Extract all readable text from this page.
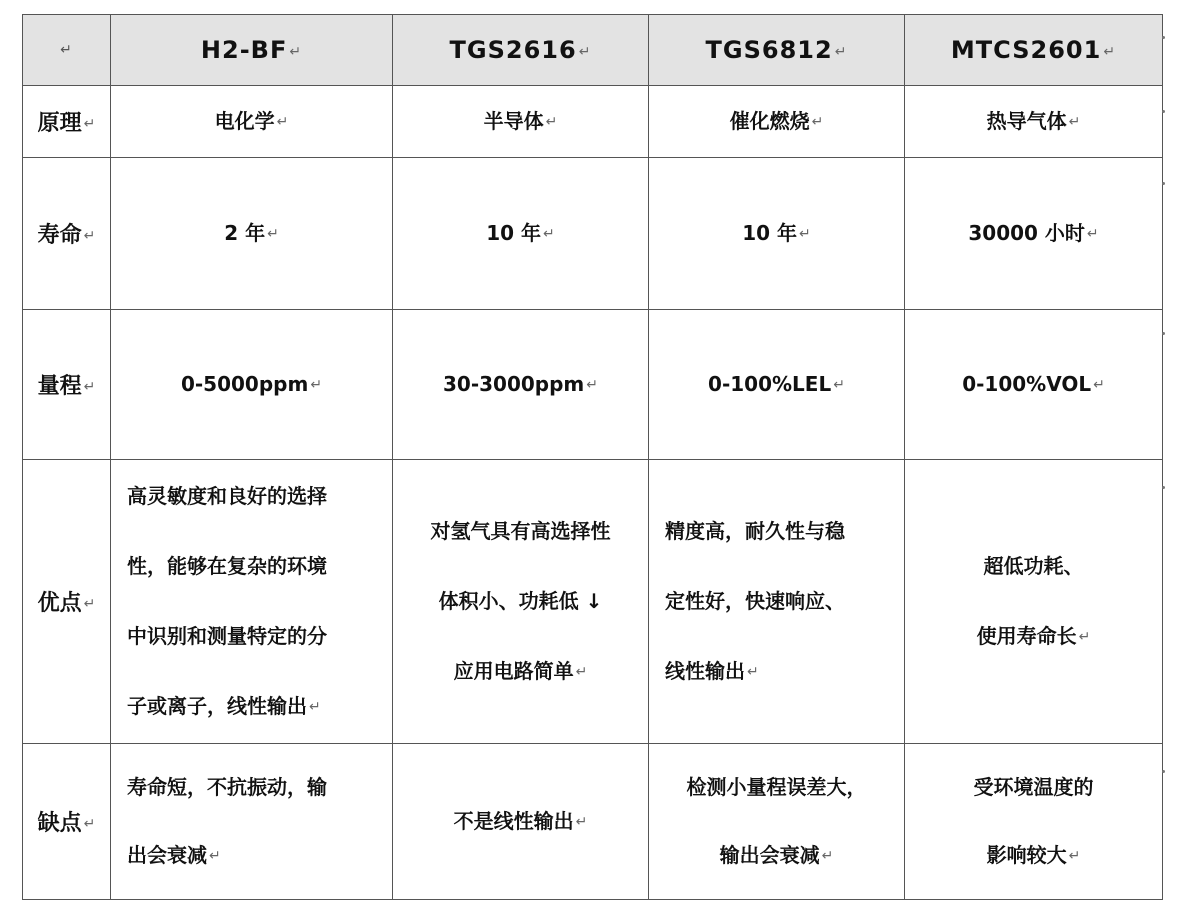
↵	H2-BF ↵	TGS2616 ↵	TGS6812 ↵	MTCS2601 ↵
原理 ↵	电化学 ↵	半导体 ↵	催化燃烧 ↵	热导气体 ↵

寿命 ↵	2 年 ↵	10 年 ↵	10 年 ↵	30000 小时 ↵

量程 ↵	0-5000ppm ↵	30-3000ppm ↵	0-100%LEL ↵	0-100%VOL ↵

优点 ↵	高灵敏度和良好的选择
性，能够在复杂的环境
中识别和测量特定的分
子或离子，线性输出 ↵	对氢气具有高选择性
体积小、功耗低 ↓
应用电路简单 ↵	精度高，耐久性与稳
定性好，快速响应、
线性输出 ↵	超低功耗、
使用寿命长 ↵

缺点 ↵	寿命短，不抗振动，输
出会衰减 ↵	不是线性输出 ↵	检测小量程误差大，
输出会衰减 ↵	受环境温度的
影响较大 ↵
